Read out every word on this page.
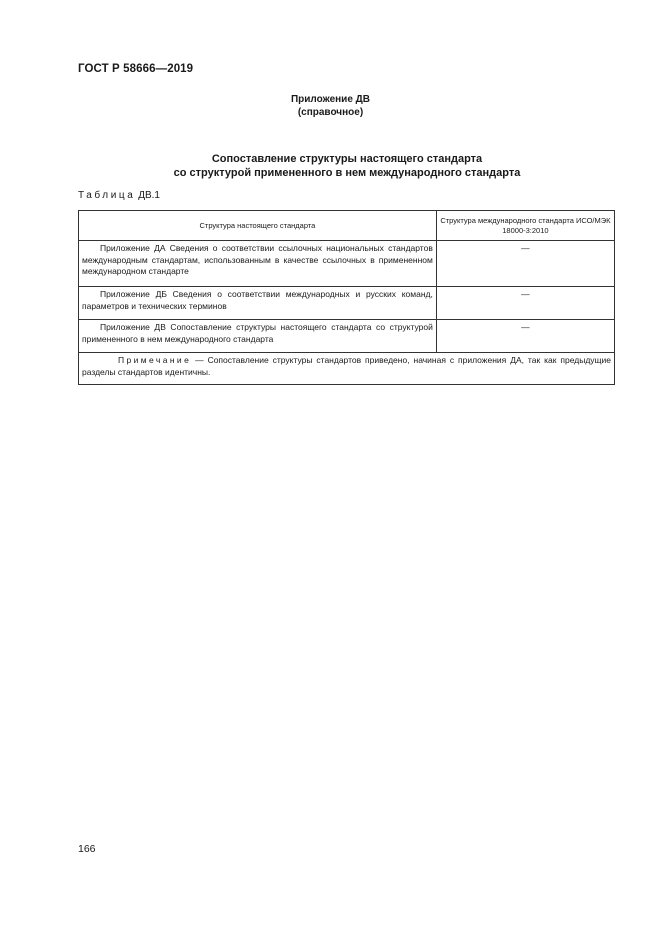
ГОСТ Р 58666—2019
Приложение ДВ
(справочное)
Сопоставление структуры настоящего стандарта
со структурой примененного в нем международного стандарта
Таблица ДВ.1
Структура настоящего стандарта	Структура международного стандарта ИСО/МЭК 18000-3:2010
Приложение ДА Сведения о соответствии ссылочных национальных стандартов международным стандартам, использованным в качестве ссылочных в примененном международном стандарте	—
Приложение ДБ Сведения о соответствии международных и русских команд, параметров и технических терминов	—
Приложение ДВ Сопоставление структуры настоящего стандарта со структурой примененного в нем международного стандарта	—
Примечание — Сопоставление структуры стандартов приведено, начиная с приложения ДА, так как предыдущие разделы стандартов идентичны.	
166
